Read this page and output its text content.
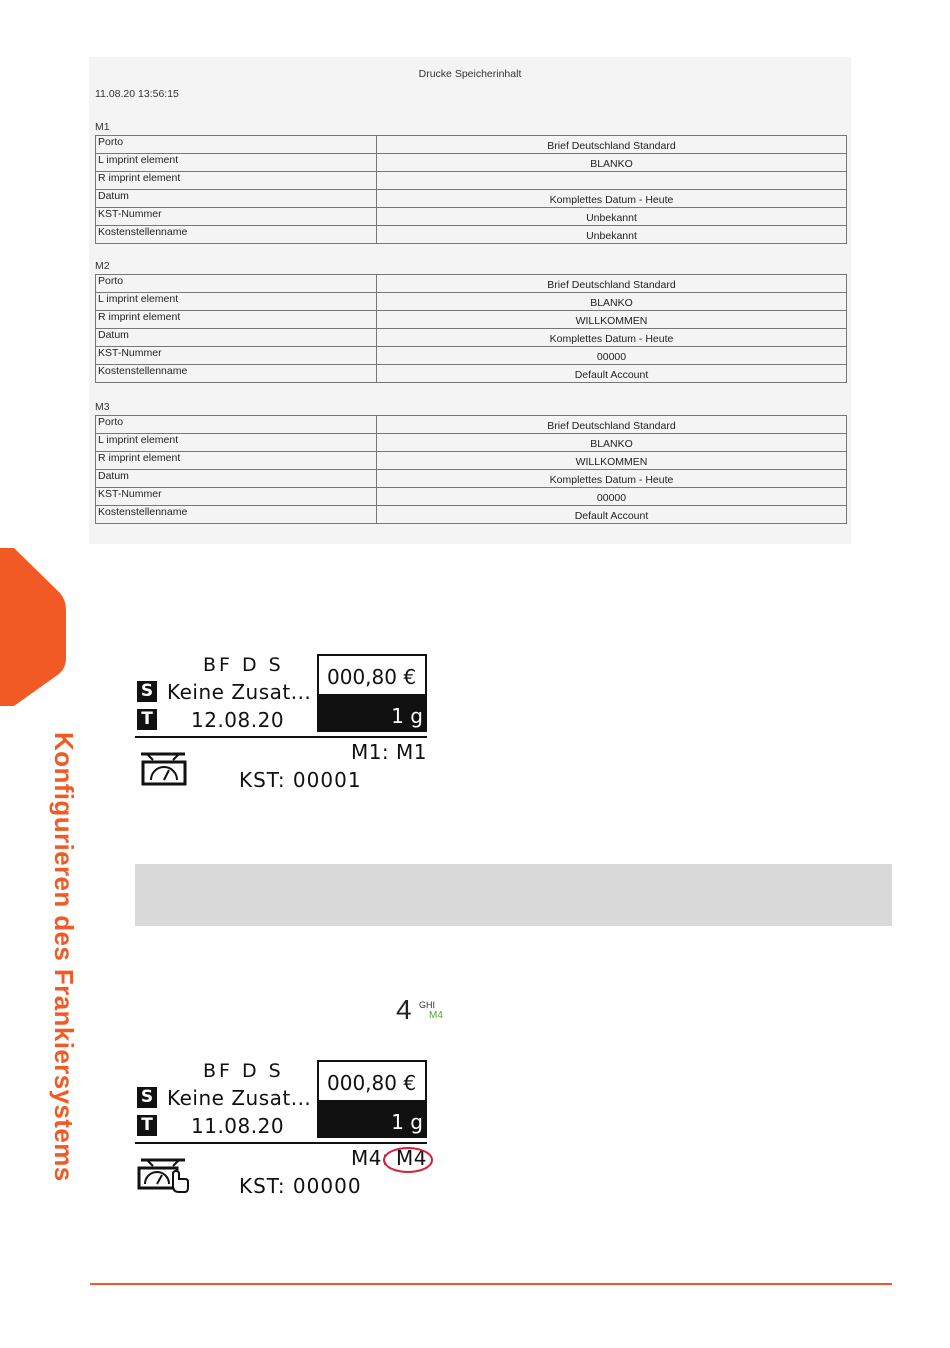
Drucke Speicherinhalt
11.08.20 13:56:15
M1
Porto	Brief Deutschland Standard
L imprint element	BLANKO
R imprint element	
Datum	Komplettes Datum - Heute
KST-Nummer	Unbekannt
Kostenstellenname	Unbekannt
M2
Porto	Brief Deutschland Standard
L imprint element	BLANKO
R imprint element	WILLKOMMEN
Datum	Komplettes Datum - Heute
KST-Nummer	00000
Kostenstellenname	Default Account
M3
Porto	Brief Deutschland Standard
L imprint element	BLANKO
R imprint element	WILLKOMMEN
Datum	Komplettes Datum - Heute
KST-Nummer	00000
Kostenstellenname	Default Account
Konfigurieren des Frankiersystems
BF D S
S Keine Zusat...
T 12.08.20
000,80 €
1 g
M1: M1
KST: 00001
4 GHI
M4
BF D S
S Keine Zusat...
T 11.08.20
000,80 €
1 g
M4: M4
KST: 00000
